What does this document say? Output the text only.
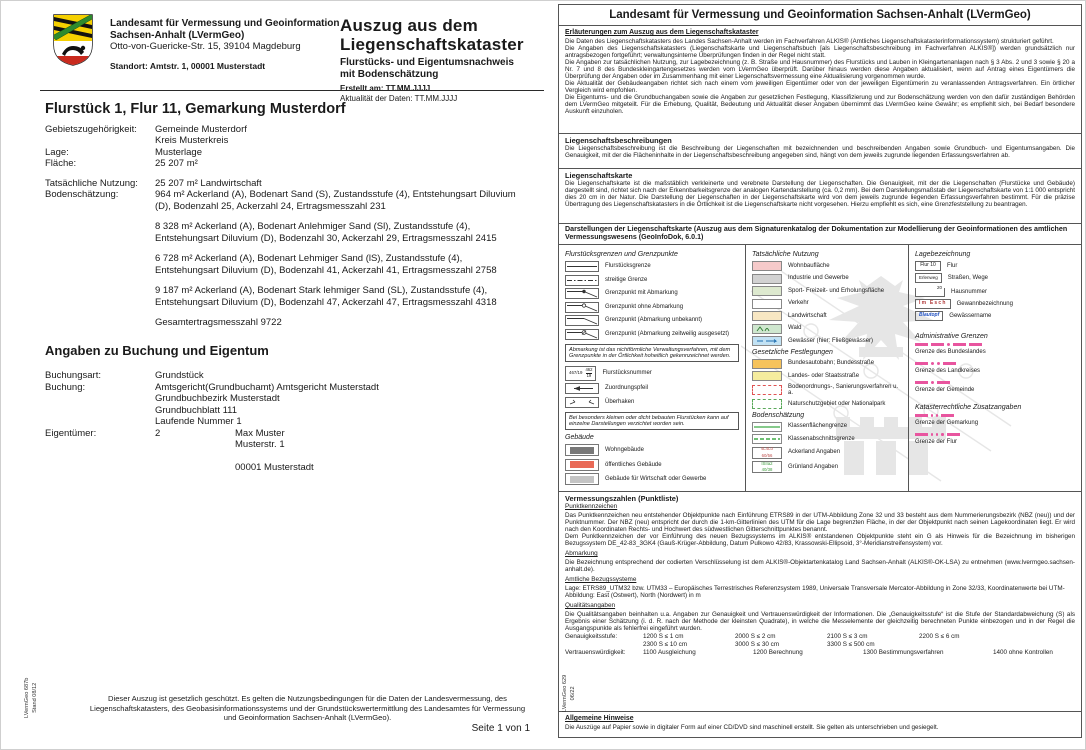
Landesamt für Vermessung und Geoinformation
Sachsen-Anhalt (LVermGeo)
Otto-von-Guericke-Str. 15, 39104 Magdeburg
Standort: Amtstr. 1, 00001 Musterstadt
Auszug aus dem
Liegenschaftskataster
Flurstücks- und Eigentumsnachweis
mit Bodenschätzung
Erstellt am: TT.MM.JJJJ
Aktualität der Daten: TT.MM.JJJJ
Flurstück 1, Flur 11, Gemarkung Musterdorf
Gebietszugehörigkeit:	Gemeinde Musterdorf
Kreis Musterkreis
Lage:	Musterlage
Fläche:	25 207 m²
Tatsächliche Nutzung:	25 207 m² Landwirtschaft
Bodenschätzung:	964 m² Ackerland (A), Bodenart Sand (S), Zustandsstufe (4), Entstehungsart Diluvium (D), Bodenzahl 25, Ackerzahl 24, Ertragsmesszahl 231
8 328 m² Ackerland (A), Bodenart Anlehmiger Sand (Sl), Zustandsstufe (4), Entstehungsart Diluvium (D), Bodenzahl 30, Ackerzahl 29, Ertragsmesszahl 2415
6 728 m² Ackerland (A), Bodenart Lehmiger Sand (lS), Zustandsstufe (4), Entstehungsart Diluvium (D), Bodenzahl 41, Ackerzahl 41, Ertragsmesszahl 2758
9 187 m² Ackerland (A), Bodenart Stark lehmiger Sand (SL), Zustandsstufe (4), Entstehungsart Diluvium (D), Bodenzahl 47, Ackerzahl 47, Ertragsmesszahl 4318
Gesamtertragsmesszahl 9722
Angaben zu Buchung und Eigentum
Buchungsart:	Grundstück
Buchung:	Amtsgericht(Grundbuchamt) Amtsgericht Musterstadt
Grundbuchbezirk Musterstadt
Grundbuchblatt 111
Laufende Nummer 1
Eigentümer:	2	Max Muster
Musterstr. 1
00001 Musterstadt
LVermGeo 687b Stand 08/12	Dieser Auszug ist gesetzlich geschützt. Es gelten die Nutzungsbedingungen für die Daten der Landesvermessung, des Liegenschaftskatasters, des Geobasisinformationssystems und der Grundstückswertermittlung des Landesamtes für Vermessung und Geoinformation Sachsen-Anhalt (LVermGeo).
Seite 1 von 1
Landesamt für Vermessung und Geoinformation Sachsen-Anhalt (LVermGeo)
Erläuterungen zum Auszug aus dem Liegenschaftskataster
Die Daten des Liegenschaftskatasters des Landes Sachsen-Anhalt werden im Fachverfahren ALKIS® (Amtliches Liegenschaftskatasterinformationssystem) strukturiert geführt.
Die Angaben des Liegenschaftskatasters (Liegenschaftskarte und Liegenschaftsbuch [als Liegenschaftsbeschreibung im Fachverfahren ALKIS®]) werden grundsätzlich nur antragsbezogen fortgeführt; verwaltungsinterne Überprüfungen finden in der Regel nicht statt.
Die Angaben zur tatsächlichen Nutzung, zur Lagebezeichnung (z. B. Straße und Hausnummer) des Flurstücks und Lauben in Kleingartenanlagen nach § 3 Abs. 2 und 3 sowie § 20 a Nr. 7 und 8 des Bundeskleingartengesetzes werden vom LVermGeo überprüft. Darüber hinaus werden diese Angaben aktualisiert, wenn auf Antrag eines Eigentümers die Überprüfung der Angaben oder im Zusammenhang mit einer Liegenschaftsvermessung eine Aktualisierung vorgenommen wurde.
Die Aktualität der Gebäudeangaben richtet sich nach einem vom jeweiligen Eigentümer oder von der jeweiligen Eigentümerin zu veranlassenden Antragsverfahren. Ein örtlicher Vergleich wird empfohlen.
Die Eigentums- und die Grundbuchangaben sowie die Angaben zur gesetzlichen Festlegung, Klassifizierung und zur Bodenschätzung werden von den dafür zuständigen Behörden dem LVermGeo mitgeteilt. Für die Erhebung, Qualität, Bedeutung und Aktualität dieser Angaben übernimmt das LVermGeo keine Gewähr; es empfiehlt sich, bei Bedarf besondere Auskunft einzuholen.
Liegenschaftsbeschreibungen
Die Liegenschaftsbeschreibung ist die Beschreibung der Liegenschaften mit bezeichnenden und beschreibenden Angaben sowie Grundbuch- und Eigentumsangaben. Die Genauigkeit, mit der die Flächeninhalte in der Liegenschaftsbeschreibung angegeben sind, hängt von dem jeweils zugrunde liegenden Erfassungsverfahren ab.
Liegenschaftskarte
Die Liegenschaftskarte ist die maßstäblich verkleinerte und verebnete Darstellung der Liegenschaften. Die Genauigkeit, mit der die Liegenschaften (Flurstücke und Gebäude) dargestellt sind, richtet sich nach der Erkennbarkeitsgrenze der analogen Kartendarstellung (ca. 0,2 mm). Bei dem Darstellungsmaßstab der Liegenschaftskarte von 1:1 000 entspricht dies 20 cm in der Natur. Die Darstellung der Liegenschaften in der Liegenschaftskarte wird von dem jeweils zugrunde liegenden Erfassungsverfahren bestimmt. Für die präzise Übertragung des Liegenschaftskatasters in die Örtlichkeit ist die Liegenschaftskarte nicht vorgesehen. Hierzu empfiehlt es sich, eine Grenzfeststellung zu beantragen.
Darstellungen der Liegenschaftskarte (Auszug aus dem Signaturenkatalog der Dokumentation zur Modellierung der Geoinformationen des amtlichen Vermessungswesens (GeoInfoDok, 6.0.1)
Flurstücksgrenzen und Grenzpunkte
Flurstücksgrenze
streitige Grenze
Grenzpunkt mit Abmarkung
Grenzpunkt ohne Abmarkung
Grenzpunkt (Abmarkung unbekannt)
Grenzpunkt (Abmarkung zeitweilig ausgesetzt)
Abmarkung ist das nichtförmliche Verwaltungsverfahren, mit dem Grenzpunkte in der Örtlichkeit hoheitlich gekennzeichnet werden.
$467/19 \frac{462}{19}$ Flurstücksnummer
Zuordnungspfeil
Überhaken
Bei besonders kleinen oder dicht bebauten Flurstücken kann auf einzelne Darstellungen verzichtet worden sein.
Gebäude
Wohngebäude
öffentliches Gebäude
Gebäude für Wirtschaft oder Gewerbe
Tatsächliche Nutzung
Wohnbaufläche
Industrie und Gewerbe
Sport- Freizeit- und Erholungsfläche
Verkehr
Landwirtschaft
Wald
Gewässer (hier: Fließgewässer)
Gesetzliche Festlegungen
Bundesautobahn; Bundesstraße
Landes- oder Staatsstraße
Bodenordnungs-, Sanierungsverfahren u. a.
Naturschutzgebiet oder Nationalpark
Bodenschätzung
Klassenflächengrenze
Klassenabschnittsgrenze
sL4Lö
60/56	Ackerland Angaben
lSIIa2
40/38	Grünland Angaben
Lagebezeichnung
Flur 10	Flur
Erlenweg	Straßen, Wege
20
Hausnummer
Im Esch	Gewannbezeichnung
Blautopf	Gewässername
Administrative Grenzen
Grenze des Bundeslandes
Grenze des Landkreises
Grenze der Gemeinde
Katasterrechtliche Zusatzangaben
Grenze der Gemarkung
Grenze der Flur
Vermessungszahlen (Punktliste)
Punktkennzeichen
Das Punktkennzeichen neu entstehender Objektpunkte nach Einführung ETRS89 in der UTM-Abbildung Zone 32 und 33 besteht aus dem Nummerierungsbezirk (NBZ (neu)) und der Punktnummer. Der NBZ (neu) entspricht der durch die 1-km-Gitterlinien des UTM für die Lage begrenzten Fläche, in der der Objektpunkt nach seinen Lagekoordinaten liegt. Er wird nach den Koordinaten Rechts- und Hochwert des südwestlichen Gitterschnittpunktes benannt.
Dem Punktkennzeichen der vor Einführung des neuen Bezugssystems im ALKIS® entstandenen Objektpunkte steht ein G als Hinweis für die Bezeichnung im bisherigen Bezugssystem DE_42-83_3GK4 (Gauß-Krüger-Abbildung, Datum Pulkowo 42/83, Krassowski-Ellipsoid, 3°-Meridianstreifensystem) vor.
Abmarkung
Die Bezeichnung entsprechend der codierten Verschlüsselung ist dem ALKIS®-Objektartenkatalog Land Sachsen-Anhalt (ALKIS®-OK-LSA) zu entnehmen (www.lvermgeo.sachsen-anhalt.de).
Amtliche Bezugssysteme
Lage: ETRS89_UTM32 bzw. UTM33 – Europäisches Terrestrisches Referenzsystem 1989, Universale Transversale Mercator-Abbildung in Zone 32/33, Koordinatenwerte bei UTM-Abbildung: East (Ostwert), North (Nordwert) in m
Qualitätsangaben
Die Qualitätsangaben beinhalten u.a. Angaben zur Genauigkeit und Vertrauenswürdigkeit der Informationen. Die „Genauigkeitsstufe“ ist die Stufe der Standardabweichung (S) als Ergebnis einer Schätzung (i. d. R. nach der Methode der kleinsten Quadrate), in welche die Messelemente der gleichzeitig berechneten Punkte einbezogen und in der Regel die Ausgangspunkte als fehlerfrei eingeführt wurden.
Genauigkeitsstufe:	1200 S ≤ 1 cm	2000 S ≤ 2 cm	2100 S ≤ 3 cm	2200 S ≤ 6 cm
2300 S ≤ 10 cm	3000 S ≤ 30 cm	3300 S ≤ 500 cm
Vertrauenswürdigkeit:	1100 Ausgleichung	1200 Berechnung	1300 Bestimmungsverfahren	1400 ohne Kontrollen
Allgemeine Hinweise
Die Auszüge auf Papier sowie in digitaler Form auf einer CD/DVD sind maschinell erstellt. Sie gelten als unterschrieben und gesiegelt.
LVermGeo 629 06/22
